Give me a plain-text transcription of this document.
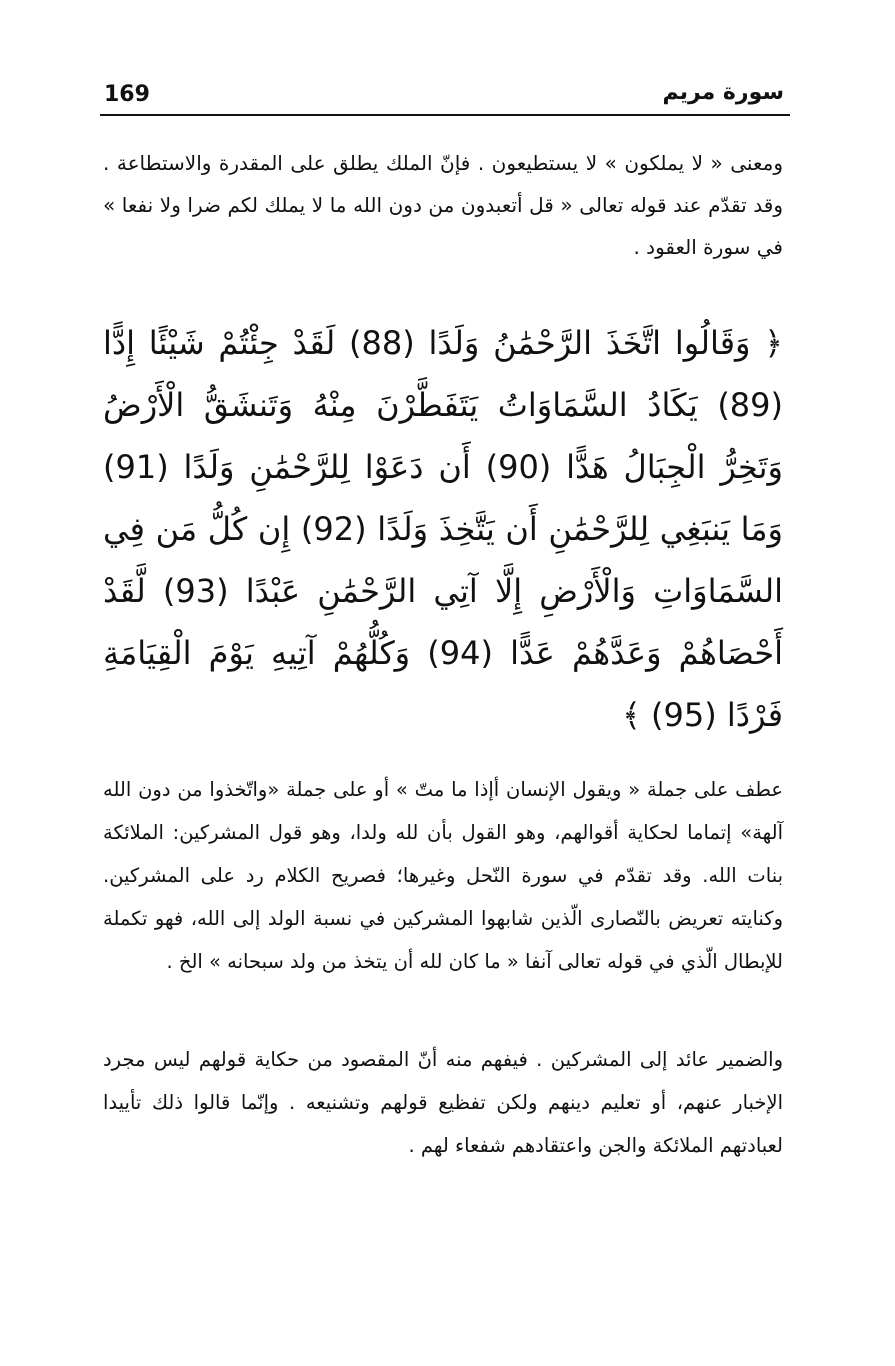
169	سورة مريم
ومعنى « لا يملكون » لا يستطيعون . فإنّ الملك يطلق على المقدرة والاستطاعة . وقد تقدّم عند قوله تعالى « قل أتعبدون من دون الله ما لا يملك لكم ضرا ولا نفعا » في سورة العقود .
﴿ وَقَالُوا اتَّخَذَ الرَّحْمَٰنُ وَلَدًا (88) لَقَدْ جِئْتُمْ شَيْئًا إِدًّا (89) يَكَادُ السَّمَاوَاتُ يَتَفَطَّرْنَ مِنْهُ وَتَنشَقُّ الْأَرْضُ وَتَخِرُّ الْجِبَالُ هَدًّا (90) أَن دَعَوْا لِلرَّحْمَٰنِ وَلَدًا (91) وَمَا يَنبَغِي لِلرَّحْمَٰنِ أَن يَتَّخِذَ وَلَدًا (92) إِن كُلُّ مَن فِي السَّمَاوَاتِ وَالْأَرْضِ إِلَّا آتِي الرَّحْمَٰنِ عَبْدًا (93) لَّقَدْ أَحْصَاهُمْ وَعَدَّهُمْ عَدًّا (94) وَكُلُّهُمْ آتِيهِ يَوْمَ الْقِيَامَةِ فَرْدًا (95) ﴾
عطف على جملة « ويقول الإنسان أإذا ما متّ » أو على جملة «واتّخذوا من دون الله آلهة» إتماما لحكاية أقوالهم، وهو القول بأن لله ولدا، وهو قول المشركين: الملائكة بنات الله. وقد تقدّم في سورة النّحل وغيرها؛ فصريح الكلام رد على المشركين. وكنايته تعريض بالنّصارى الّذين شابهوا المشركين في نسبة الولد إلى الله، فهو تكملة للإبطال الّذي في قوله تعالى آنفا « ما كان لله أن يتخذ من ولد سبحانه » الخ .
والضمير عائد إلى المشركين . فيفهم منه أنّ المقصود من حكاية قولهم ليس مجرد الإخبار عنهم، أو تعليم دينهم ولكن تفظيع قولهم وتشنيعه . وإنّما قالوا ذلك تأييدا لعبادتهم الملائكة والجن واعتقادهم شفعاء لهم .
